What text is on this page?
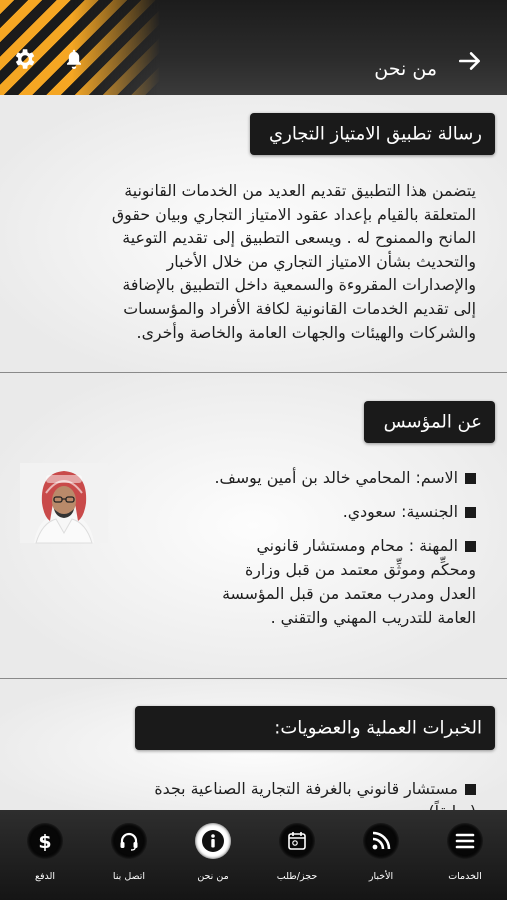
من نحن
رسالة تطبيق الامتياز التجاري
يتضمن هذا التطبيق تقديم العديد من الخدمات القانونية
المتعلقة بالقيام بإعداد عقود الامتياز التجاري وبيان حقوق
المانح والممنوح له . ويسعى التطبيق إلى تقديم التوعية
والتحديث بشأن الامتياز التجاري من خلال الأخبار
والإصدارات المقروءة والسمعية داخل التطبيق بالإضافة
إلى تقديم الخدمات القانونية لكافة الأفراد والمؤسسات
والشركات والهيئات والجهات العامة والخاصة وأخرى.
عن المؤسس
الاسم: المحامي خالد بن أمين يوسف.
الجنسية: سعودي.
المهنة : محام ومستشار قانوني
ومحكِّم وموثِّق معتمد من قبل وزارة
العدل ومدرب معتمد من قبل المؤسسة
العامة للتدريب المهني والتقني .
الخبرات العملية والعضويات:
مستشار قانوني بالغرفة التجارية الصناعية بجدة
الخدمات
الأخبار
حجز/طلب
من نحن
اتصل بنا
$
الدفع
